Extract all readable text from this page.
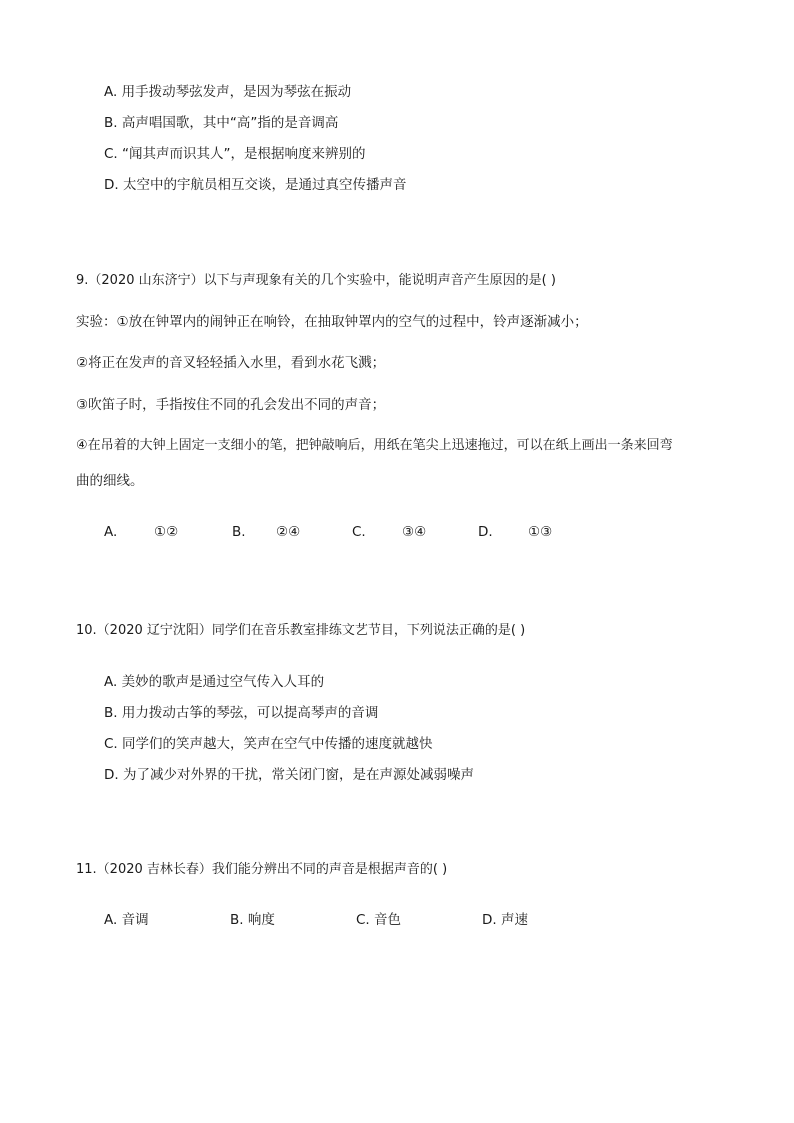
A. 用手拨动琴弦发声，是因为琴弦在振动
B. 高声唱国歌，其中“高”指的是音调高
C. “闻其声而识其人”，是根据响度来辨别的
D. 太空中的宇航员相互交谈，是通过真空传播声音
9.（2020 山东济宁）以下与声现象有关的几个实验中，能说明声音产生原因的是( )
实验：①放在钟罩内的闹钟正在响铃，在抽取钟罩内的空气的过程中，铃声逐渐减小；
②将正在发声的音叉轻轻插入水里，看到水花飞溅；
③吹笛子时，手指按住不同的孔会发出不同的声音；
④在吊着的大钟上固定一支细小的笔，把钟敲响后，用纸在笔尖上迅速拖过，可以在纸上画出一条来回弯
曲的细线。
A.	①②	B.	②④	C.	③④	D.	①③
10.（2020 辽宁沈阳）同学们在音乐教室排练文艺节目，下列说法正确的是( )
A. 美妙的歌声是通过空气传入人耳的
B. 用力拨动古筝的琴弦，可以提高琴声的音调
C. 同学们的笑声越大，笑声在空气中传播的速度就越快
D. 为了减少对外界的干扰，常关闭门窗，是在声源处减弱噪声
11.（2020 吉林长春）我们能分辨出不同的声音是根据声音的( )
A. 音调	B. 响度	C. 音色	D. 声速
